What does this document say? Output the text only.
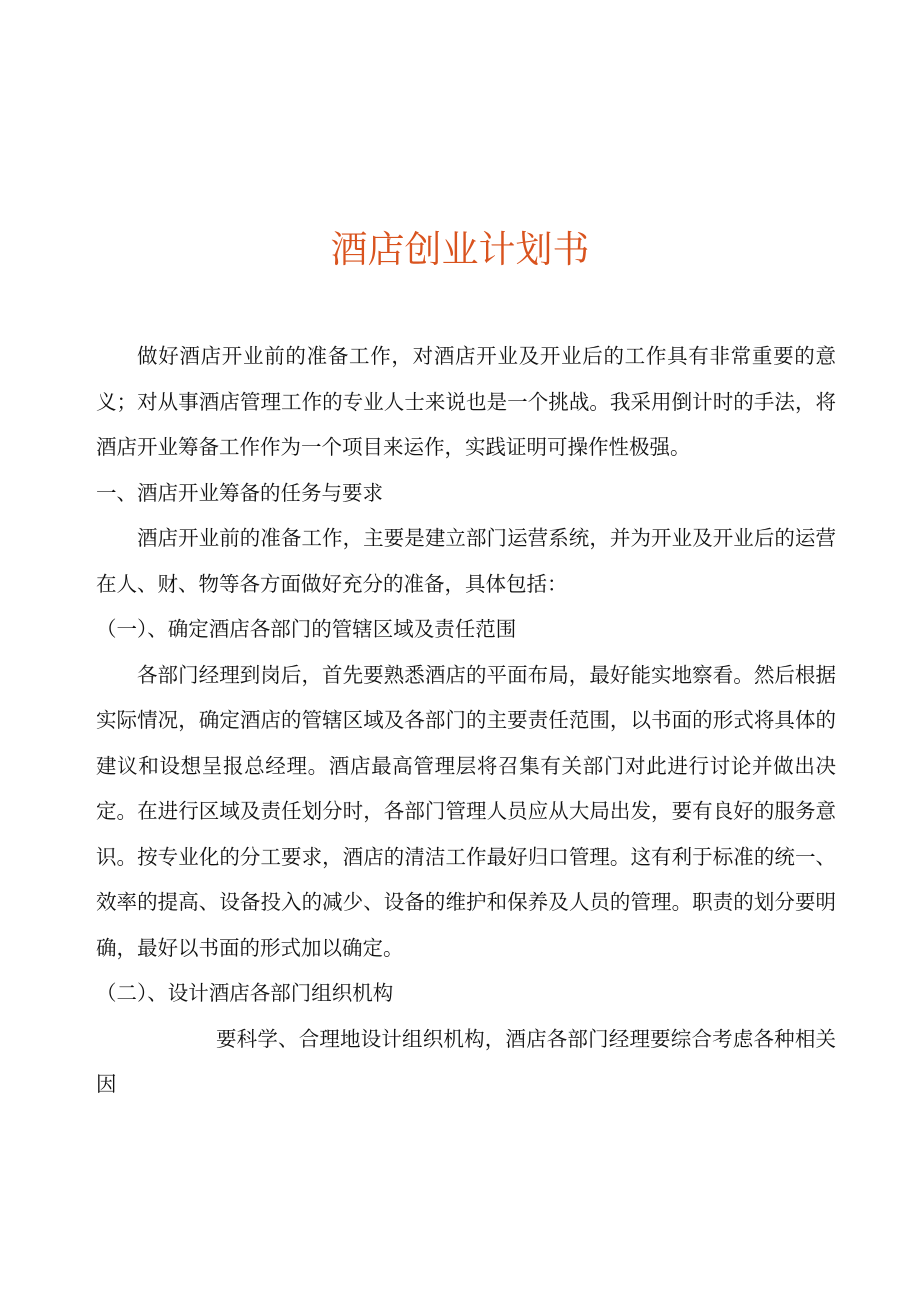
酒店创业计划书

做好酒店开业前的准备工作，对酒店开业及开业后的工作具有非常重要的意义；对从事酒店管理工作的专业人士来说也是一个挑战。我采用倒计时的手法，将酒店开业筹备工作作为一个项目来运作，实践证明可操作性极强。

一、酒店开业筹备的任务与要求

酒店开业前的准备工作，主要是建立部门运营系统，并为开业及开业后的运营在人、财、物等各方面做好充分的准备，具体包括：

（一）、确定酒店各部门的管辖区域及责任范围

各部门经理到岗后，首先要熟悉酒店的平面布局，最好能实地察看。然后根据实际情况，确定酒店的管辖区域及各部门的主要责任范围，以书面的形式将具体的建议和设想呈报总经理。酒店最高管理层将召集有关部门对此进行讨论并做出决定。在进行区域及责任划分时，各部门管理人员应从大局出发，要有良好的服务意识。按专业化的分工要求，酒店的清洁工作最好归口管理。这有利于标准的统一、效率的提高、设备投入的减少、设备的维护和保养及人员的管理。职责的划分要明确，最好以书面的形式加以确定。

（二）、设计酒店各部门组织机构

要科学、合理地设计组织机构，酒店各部门经理要综合考虑各种相关因
